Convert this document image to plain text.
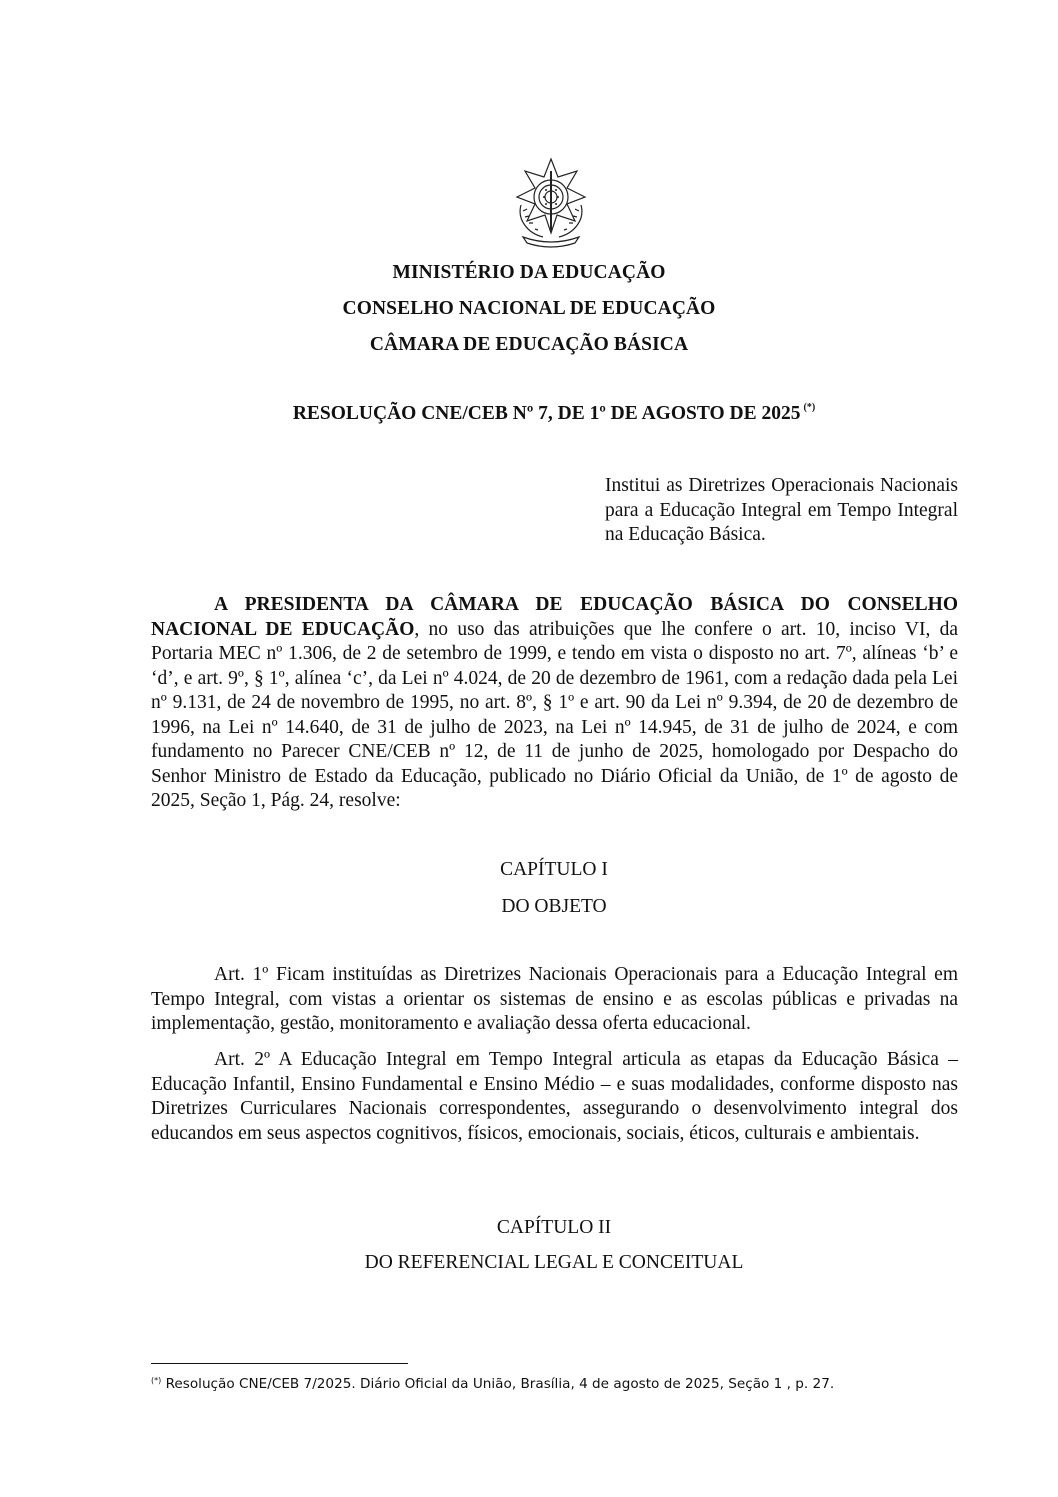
MINISTÉRIO DA EDUCAÇÃO
CONSELHO NACIONAL DE EDUCAÇÃO
CÂMARA DE EDUCAÇÃO BÁSICA
RESOLUÇÃO CNE/CEB Nº 7, DE 1º DE AGOSTO DE 2025 (*)
Institui as Diretrizes Operacionais Nacionais para a Educação Integral em Tempo Integral na Educação Básica.

A PRESIDENTA DA CÂMARA DE EDUCAÇÃO BÁSICA DO CONSELHO NACIONAL DE EDUCAÇÃO, no uso das atribuições que lhe confere o art. 10, inciso VI, da Portaria MEC nº 1.306, de 2 de setembro de 1999, e tendo em vista o disposto no art. 7º, alíneas ‘b’ e ‘d’, e art. 9º, § 1º, alínea ‘c’, da Lei nº 4.024, de 20 de dezembro de 1961, com a redação dada pela Lei nº 9.131, de 24 de novembro de 1995, no art. 8º, § 1º e art. 90 da Lei nº 9.394, de 20 de dezembro de 1996, na Lei nº 14.640, de 31 de julho de 2023, na Lei nº 14.945, de 31 de julho de 2024, e com fundamento no Parecer CNE/CEB nº 12, de 11 de junho de 2025, homologado por Despacho do Senhor Ministro de Estado da Educação, publicado no Diário Oficial da União, de 1º de agosto de 2025, Seção 1, Pág. 24, resolve:

CAPÍTULO I
DO OBJETO

Art. 1º Ficam instituídas as Diretrizes Nacionais Operacionais para a Educação Integral em Tempo Integral, com vistas a orientar os sistemas de ensino e as escolas públicas e privadas na implementação, gestão, monitoramento e avaliação dessa oferta educacional.

Art. 2º A Educação Integral em Tempo Integral articula as etapas da Educação Básica – Educação Infantil, Ensino Fundamental e Ensino Médio – e suas modalidades, conforme disposto nas Diretrizes Curriculares Nacionais correspondentes, assegurando o desenvolvimento integral dos educandos em seus aspectos cognitivos, físicos, emocionais, sociais, éticos, culturais e ambientais.

CAPÍTULO II
DO REFERENCIAL LEGAL E CONCEITUAL
(*) Resolução CNE/CEB 7/2025. Diário Oficial da União, Brasília, 4 de agosto de 2025, Seção 1 , p. 27.
